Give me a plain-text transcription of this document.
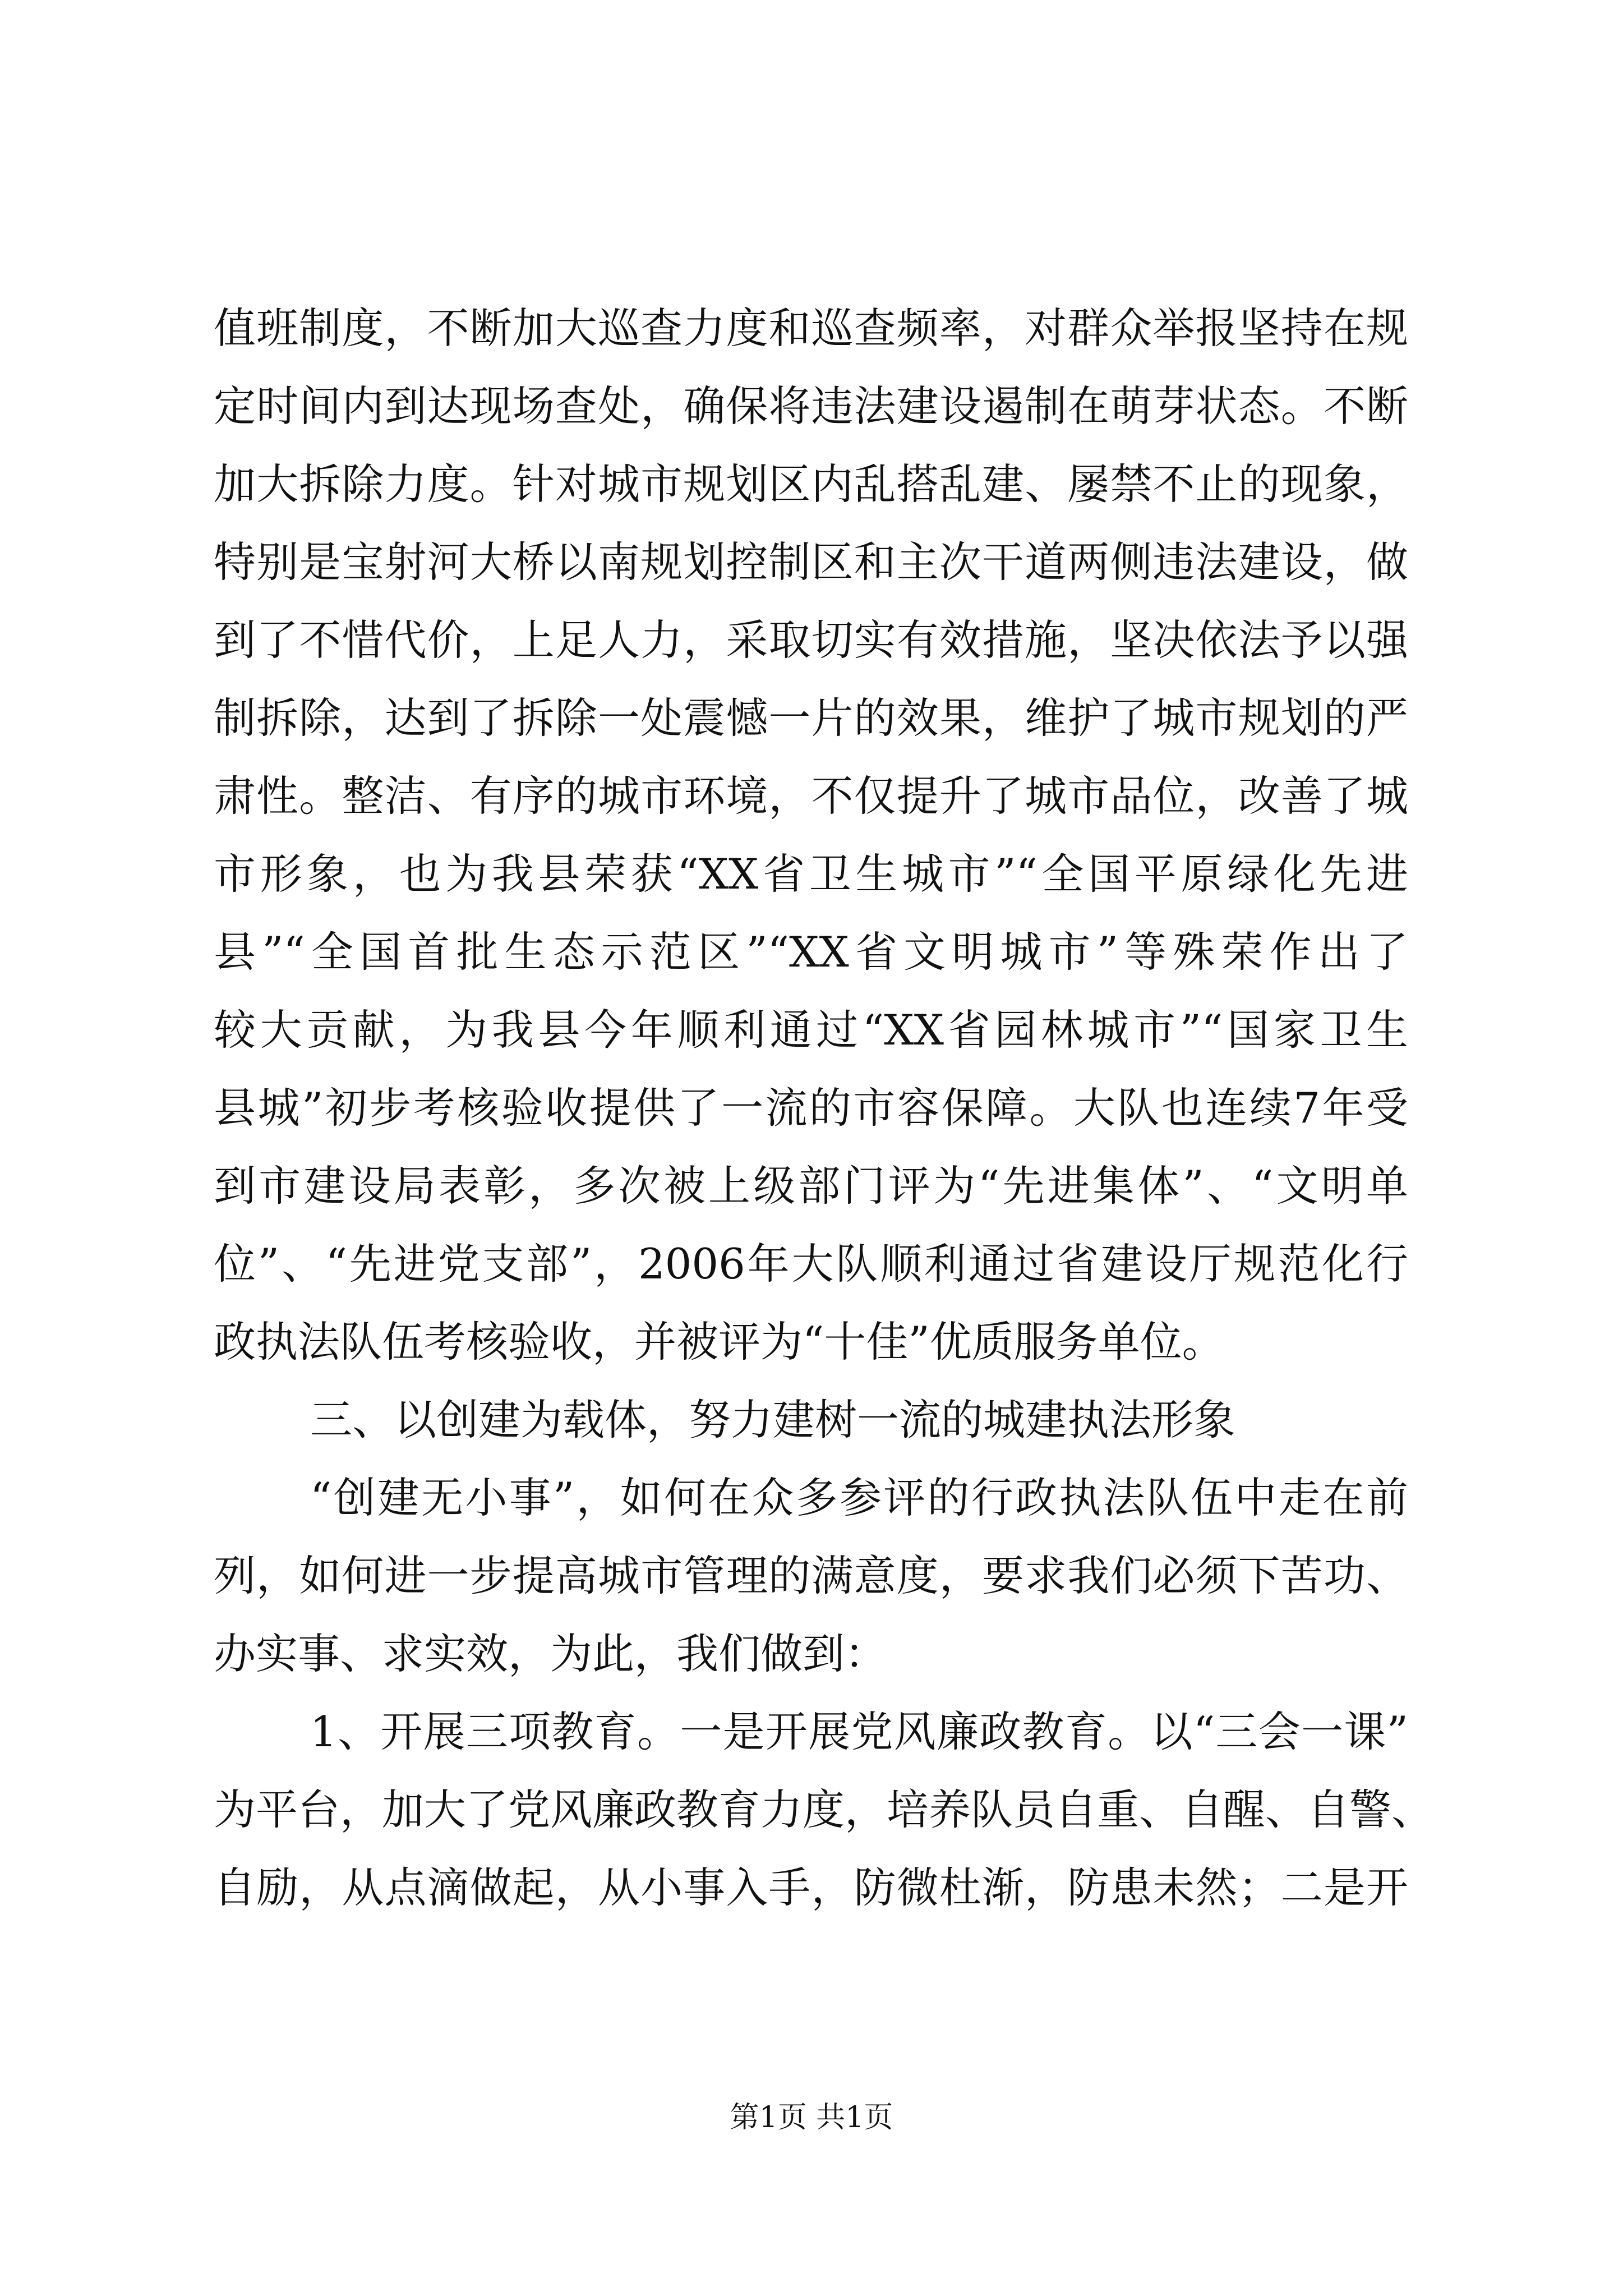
值班制度，不断加大巡查力度和巡查频率，对群众举报坚持在规
定时间内到达现场查处，确保将违法建设遏制在萌芽状态。不断
加大拆除力度。针对城市规划区内乱搭乱建、屡禁不止的现象，
特别是宝射河大桥以南规划控制区和主次干道两侧违法建设，做
到了不惜代价，上足人力，采取切实有效措施，坚决依法予以强
制拆除，达到了拆除一处震憾一片的效果，维护了城市规划的严
肃性。整洁、有序的城市环境，不仅提升了城市品位，改善了城
市形象，也为我县荣获“XX省卫生城市”“全国平原绿化先进
县”“全国首批生态示范区”“XX省文明城市”等殊荣作出了
较大贡献，为我县今年顺利通过“XX省园林城市”“国家卫生
县城”初步考核验收提供了一流的市容保障。大队也连续7年受
到市建设局表彰，多次被上级部门评为“先进集体”、“文明单
位”、“先进党支部”，2006年大队顺利通过省建设厅规范化行
政执法队伍考核验收，并被评为“十佳”优质服务单位。
三、以创建为载体，努力建树一流的城建执法形象
“创建无小事”，如何在众多参评的行政执法队伍中走在前
列，如何进一步提高城市管理的满意度，要求我们必须下苦功、
办实事、求实效，为此，我们做到：
1、开展三项教育。一是开展党风廉政教育。以“三会一课”
为平台，加大了党风廉政教育力度，培养队员自重、自醒、自警、
自励，从点滴做起，从小事入手，防微杜渐，防患未然；二是开
第1页 共1页
